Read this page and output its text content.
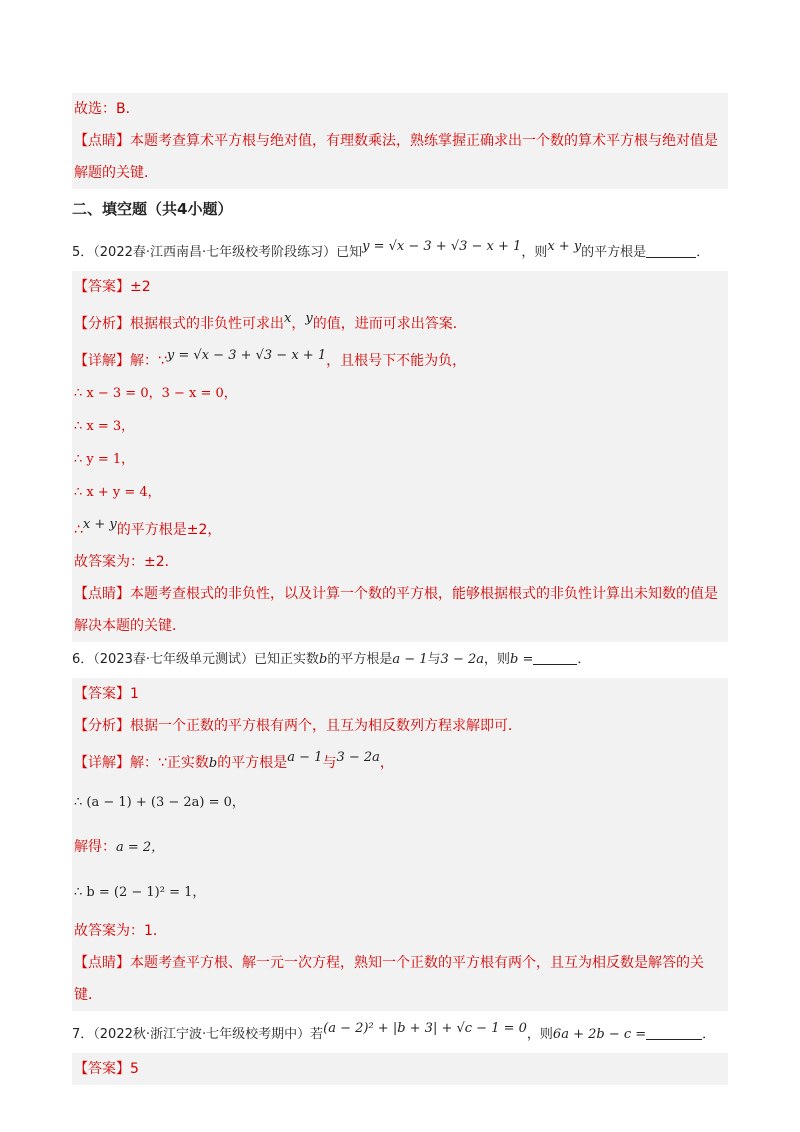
故选：B．
【点睛】本题考查算术平方根与绝对值，有理数乘法，熟练掌握正确求出一个数的算术平方根与绝对值是
解题的关键．
二、填空题（共4小题）
5．（2022春·江西南昌·七年级校考阶段练习）已知y = √x − 3 + √3 − x + 1，则x + y的平方根是	．
【答案】±2
【分析】根据根式的非负性可求出x，y的值，进而可求出答案．
【详解】解：∵y = √x − 3 + √3 − x + 1，且根号下不能为负，
∴ x − 3 = 0，3 − x = 0，
∴ x = 3，
∴ y = 1，
∴ x + y = 4，
∴x + y的平方根是±2，
故答案为：±2．
【点睛】本题考查根式的非负性，以及计算一个数的平方根，能够根据根式的非负性计算出未知数的值是
解决本题的关键．
6．（2023春·七年级单元测试）已知正实数b的平方根是a − 1与3 − 2a，则b =	．
【答案】1
【分析】根据一个正数的平方根有两个，且互为相反数列方程求解即可．
【详解】解：∵正实数b的平方根是a − 1与3 − 2a，
∴ (a − 1) + (3 − 2a) = 0，
解得：a = 2，
∴ b = (2 − 1)² = 1，
故答案为：1．
【点睛】本题考查平方根、解一元一次方程，熟知一个正数的平方根有两个，且互为相反数是解答的关
键．
7．（2022秋·浙江宁波·七年级校考期中）若(a − 2)² + |b + 3| + √c − 1 = 0，则6a + 2b − c =	．
【答案】5
